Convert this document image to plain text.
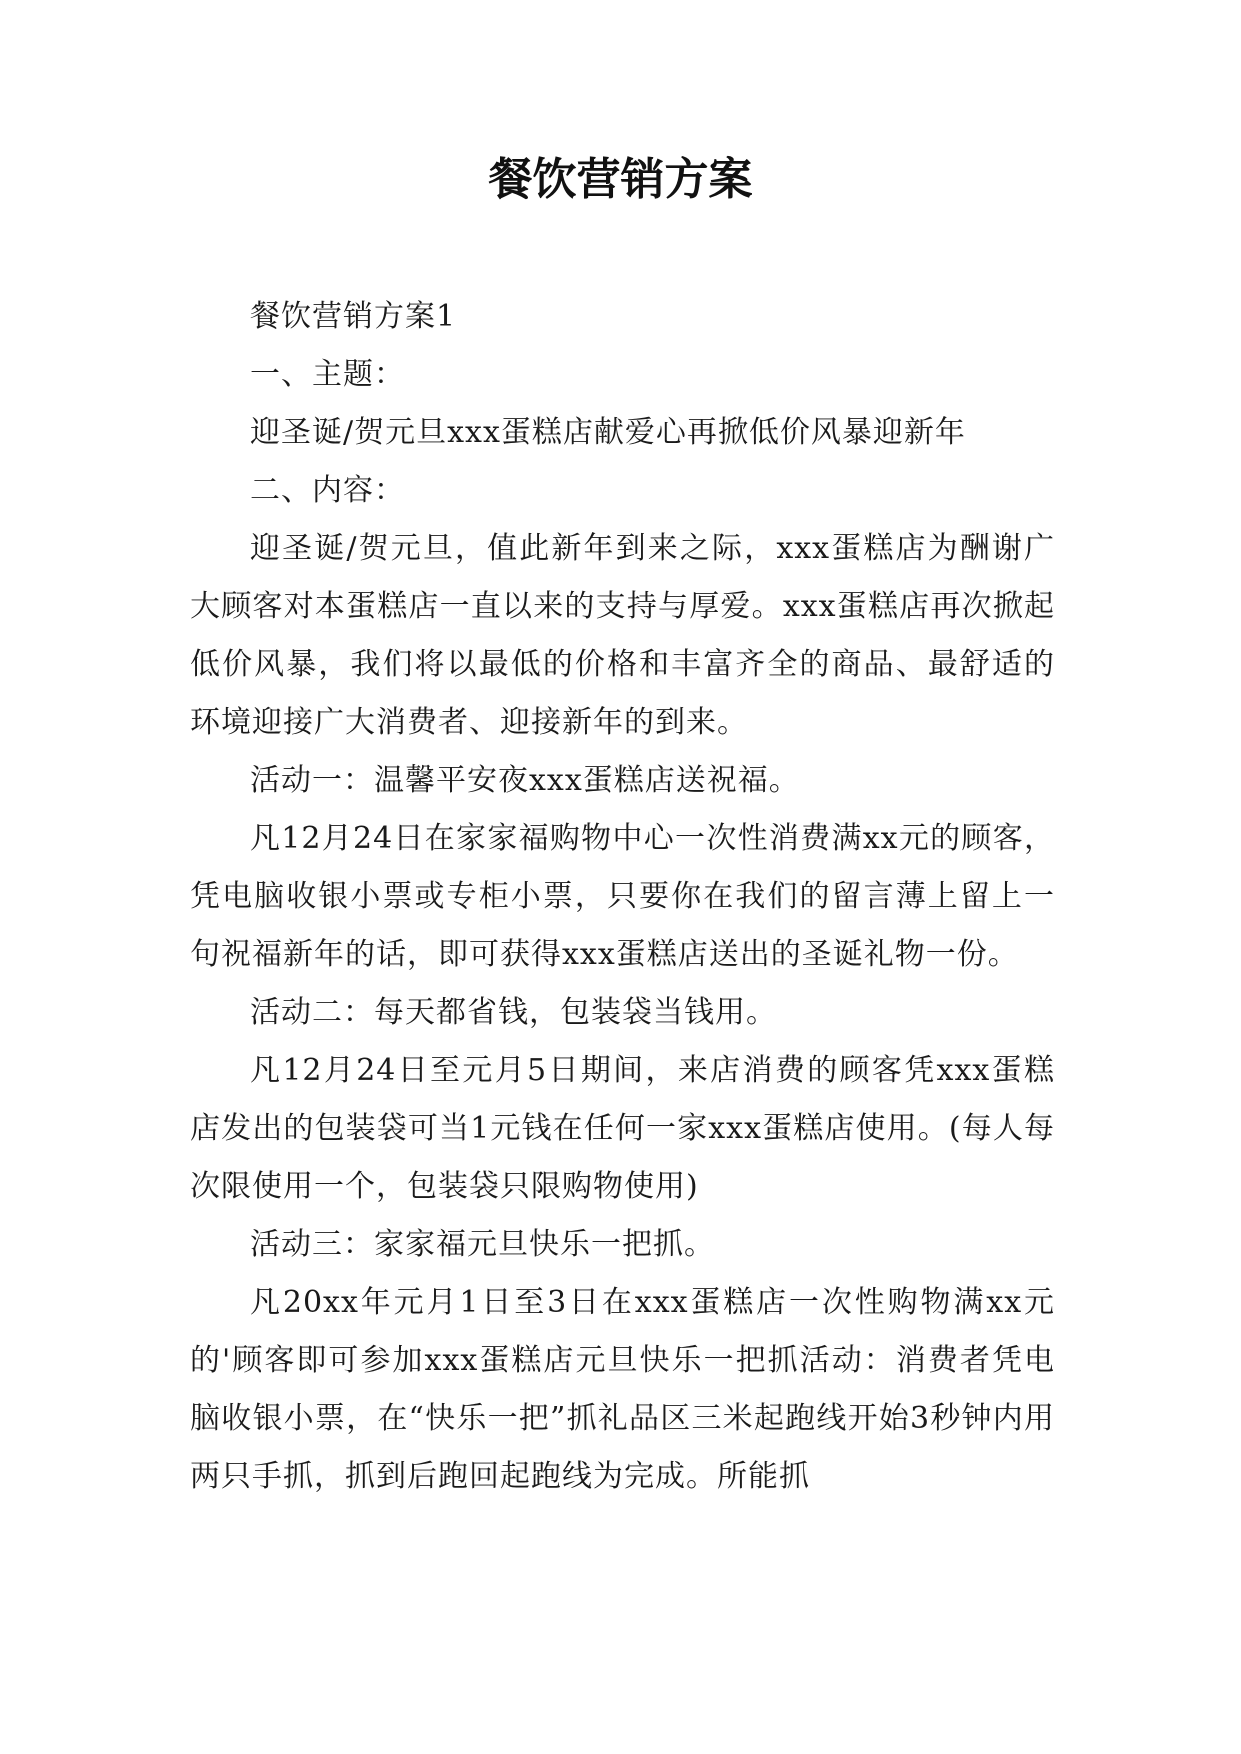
餐饮营销方案

餐饮营销方案1

一、主题：

迎圣诞/贺元旦xxx蛋糕店献爱心再掀低价风暴迎新年

二、内容：

迎圣诞/贺元旦，值此新年到来之际，xxx蛋糕店为酬谢广大顾客对本蛋糕店一直以来的支持与厚爱。xxx蛋糕店再次掀起低价风暴，我们将以最低的价格和丰富齐全的商品、最舒适的环境迎接广大消费者、迎接新年的到来。

活动一：温馨平安夜xxx蛋糕店送祝福。

凡12月24日在家家福购物中心一次性消费满xx元的顾客，凭电脑收银小票或专柜小票，只要你在我们的留言薄上留上一句祝福新年的话，即可获得xxx蛋糕店送出的圣诞礼物一份。

活动二：每天都省钱，包装袋当钱用。

凡12月24日至元月5日期间，来店消费的顾客凭xxx蛋糕店发出的包装袋可当1元钱在任何一家xxx蛋糕店使用。(每人每次限使用一个，包装袋只限购物使用)

活动三：家家福元旦快乐一把抓。

凡20xx年元月1日至3日在xxx蛋糕店一次性购物满xx元的'顾客即可参加xxx蛋糕店元旦快乐一把抓活动：消费者凭电脑收银小票，在“快乐一把”抓礼品区三米起跑线开始3秒钟内用两只手抓，抓到后跑回起跑线为完成。所能抓
